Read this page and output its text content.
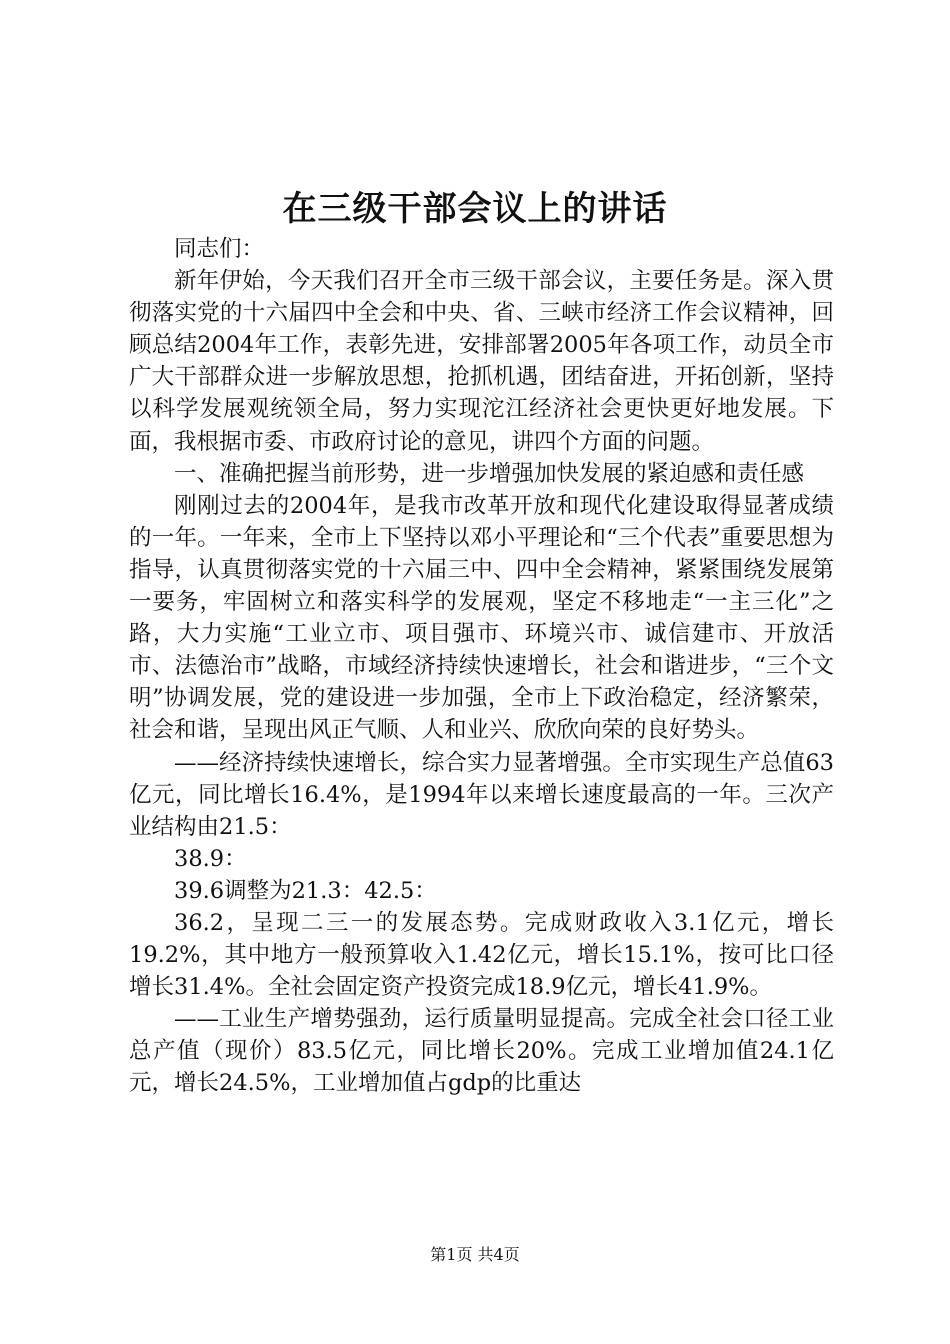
在三级干部会议上的讲话

同志们：

新年伊始，今天我们召开全市三级干部会议，主要任务是。深入贯彻落实党的十六届四中全会和中央、省、三峡市经济工作会议精神，回顾总结2004年工作，表彰先进，安排部署2005年各项工作，动员全市广大干部群众进一步解放思想，抢抓机遇，团结奋进，开拓创新，坚持以科学发展观统领全局，努力实现沱江经济社会更快更好地发展。下面，我根据市委、市政府讨论的意见，讲四个方面的问题。

一、准确把握当前形势，进一步增强加快发展的紧迫感和责任感

刚刚过去的2004年，是我市改革开放和现代化建设取得显著成绩的一年。一年来，全市上下坚持以邓小平理论和“三个代表”重要思想为指导，认真贯彻落实党的十六届三中、四中全会精神，紧紧围绕发展第一要务，牢固树立和落实科学的发展观，坚定不移地走“一主三化”之路，大力实施“工业立市、项目强市、环境兴市、诚信建市、开放活市、法德治市”战略，市域经济持续快速增长，社会和谐进步，“三个文明”协调发展，党的建设进一步加强，全市上下政治稳定，经济繁荣，社会和谐，呈现出风正气顺、人和业兴、欣欣向荣的良好势头。

——经济持续快速增长，综合实力显著增强。全市实现生产总值63亿元，同比增长16.4%，是1994年以来增长速度最高的一年。三次产业结构由21.5：

38.9：

39.6调整为21.3：42.5：

36.2，呈现二三一的发展态势。完成财政收入3.1亿元，增长19.2%，其中地方一般预算收入1.42亿元，增长15.1%，按可比口径增长31.4%。全社会固定资产投资完成18.9亿元，增长41.9%。

——工业生产增势强劲，运行质量明显提高。完成全社会口径工业总产值（现价）83.5亿元，同比增长20%。完成工业增加值24.1亿元，增长24.5%，工业增加值占gdp的比重达

第1页 共4页
